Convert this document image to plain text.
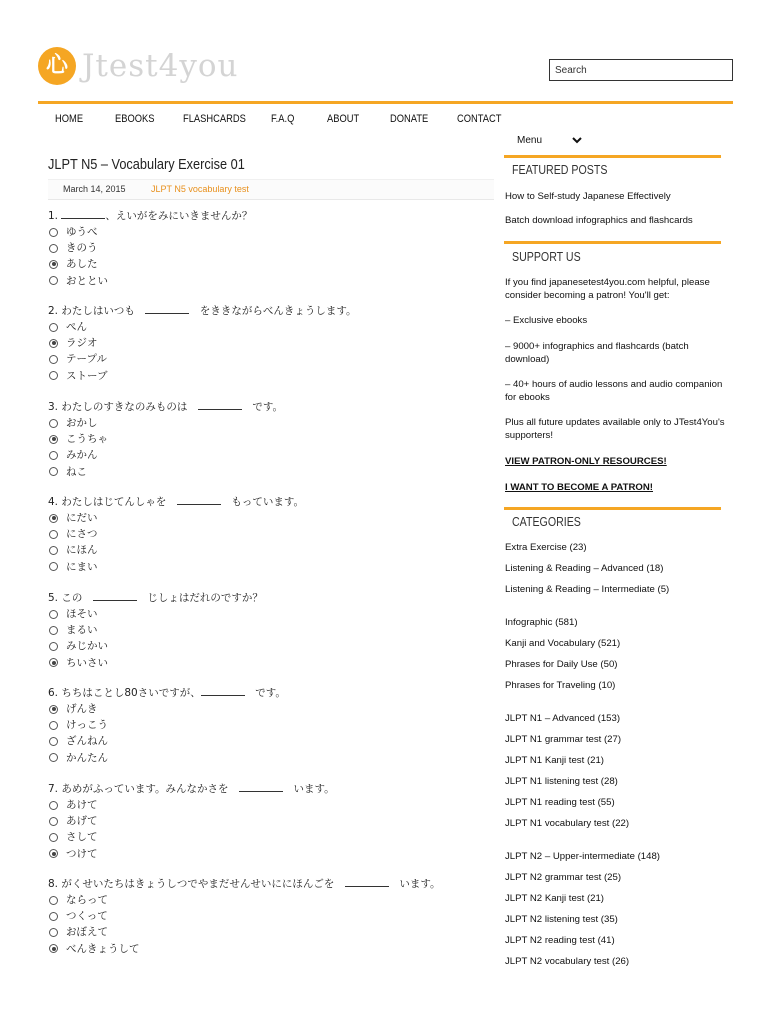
心 Jtest4you
Search
HOME	EBOOKS	FLASHCARDS F.A.Q	ABOUT	DONATE	CONTACT
Menu
JLPT N5 – Vocabulary Exercise 01
March 14, 2015	JLPT N5 vocabulary test
1.	、えいがをみにいきませんか？
ゆうべ
きのう
あした
おととい
2. わたしはいつも　	　をききながらべんきょうします。
ぺん
ラジオ
テープル
ストーブ
3. わたしのすきなのみものは　	　です。
おかし
こうちゃ
みかん
ねこ
4. わたしはじてんしゃを　	　もっています。
にだい
にさつ
にほん
にまい
5. この　	　じしょはだれのですか？
ほそい
まるい
みじかい
ちいさい
6. ちちはことし80さいですが、	　です。
げんき
けっこう
ざんねん
かんたん
7. あめがふっています。みんなかさを　	　います。
あけて
あげて
さして
つけて
8. がくせいたちはきょうしつでやまだせんせいににほんごを　	　います。
ならって
つくって
おぼえて
べんきょうして
FEATURED POSTS
How to Self-study Japanese Effectively
Batch download infographics and flashcards
SUPPORT US
If you find japanesetest4you.com helpful, please consider becoming a patron! You'll get:
– Exclusive ebooks
– 9000+ infographics and flashcards (batch download)
– 40+ hours of audio lessons and audio companion for ebooks
Plus all future updates available only to JTest4You's supporters!
VIEW PATRON-ONLY RESOURCES!
I WANT TO BECOME A PATRON!
CATEGORIES
Extra Exercise (23)
Listening & Reading – Advanced (18)
Listening & Reading – Intermediate (5)
Infographic (581)
Kanji and Vocabulary (521)
Phrases for Daily Use (50)
Phrases for Traveling (10)
JLPT N1 – Advanced (153)
JLPT N1 grammar test (27)
JLPT N1 Kanji test (21)
JLPT N1 listening test (28)
JLPT N1 reading test (55)
JLPT N1 vocabulary test (22)
JLPT N2 – Upper-intermediate (148)
JLPT N2 grammar test (25)
JLPT N2 Kanji test (21)
JLPT N2 listening test (35)
JLPT N2 reading test (41)
JLPT N2 vocabulary test (26)
